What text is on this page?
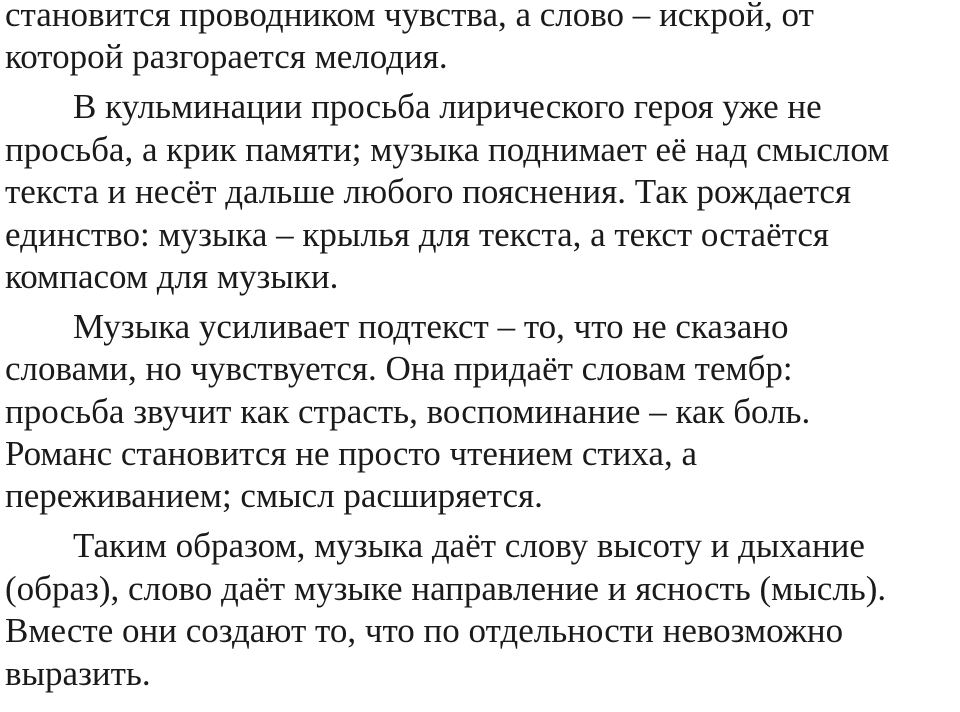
становится проводником чувства, а слово – искрой, от
которой разгорается мелодия.
В кульминации просьба лирического героя уже не
просьба, а крик памяти; музыка поднимает её над смыслом
текста и несёт дальше любого пояснения. Так рождается
единство: музыка – крылья для текста, а текст остаётся
компасом для музыки.
Музыка усиливает подтекст – то, что не сказано
словами, но чувствуется. Она придаёт словам тембр:
просьба звучит как страсть, воспоминание – как боль.
Романс становится не просто чтением стиха, а
переживанием; смысл расширяется.
Таким образом, музыка даёт слову высоту и дыхание
(образ), слово даёт музыке направление и ясность (мысль).
Вместе они создают то, что по отдельности невозможно
выразить.
